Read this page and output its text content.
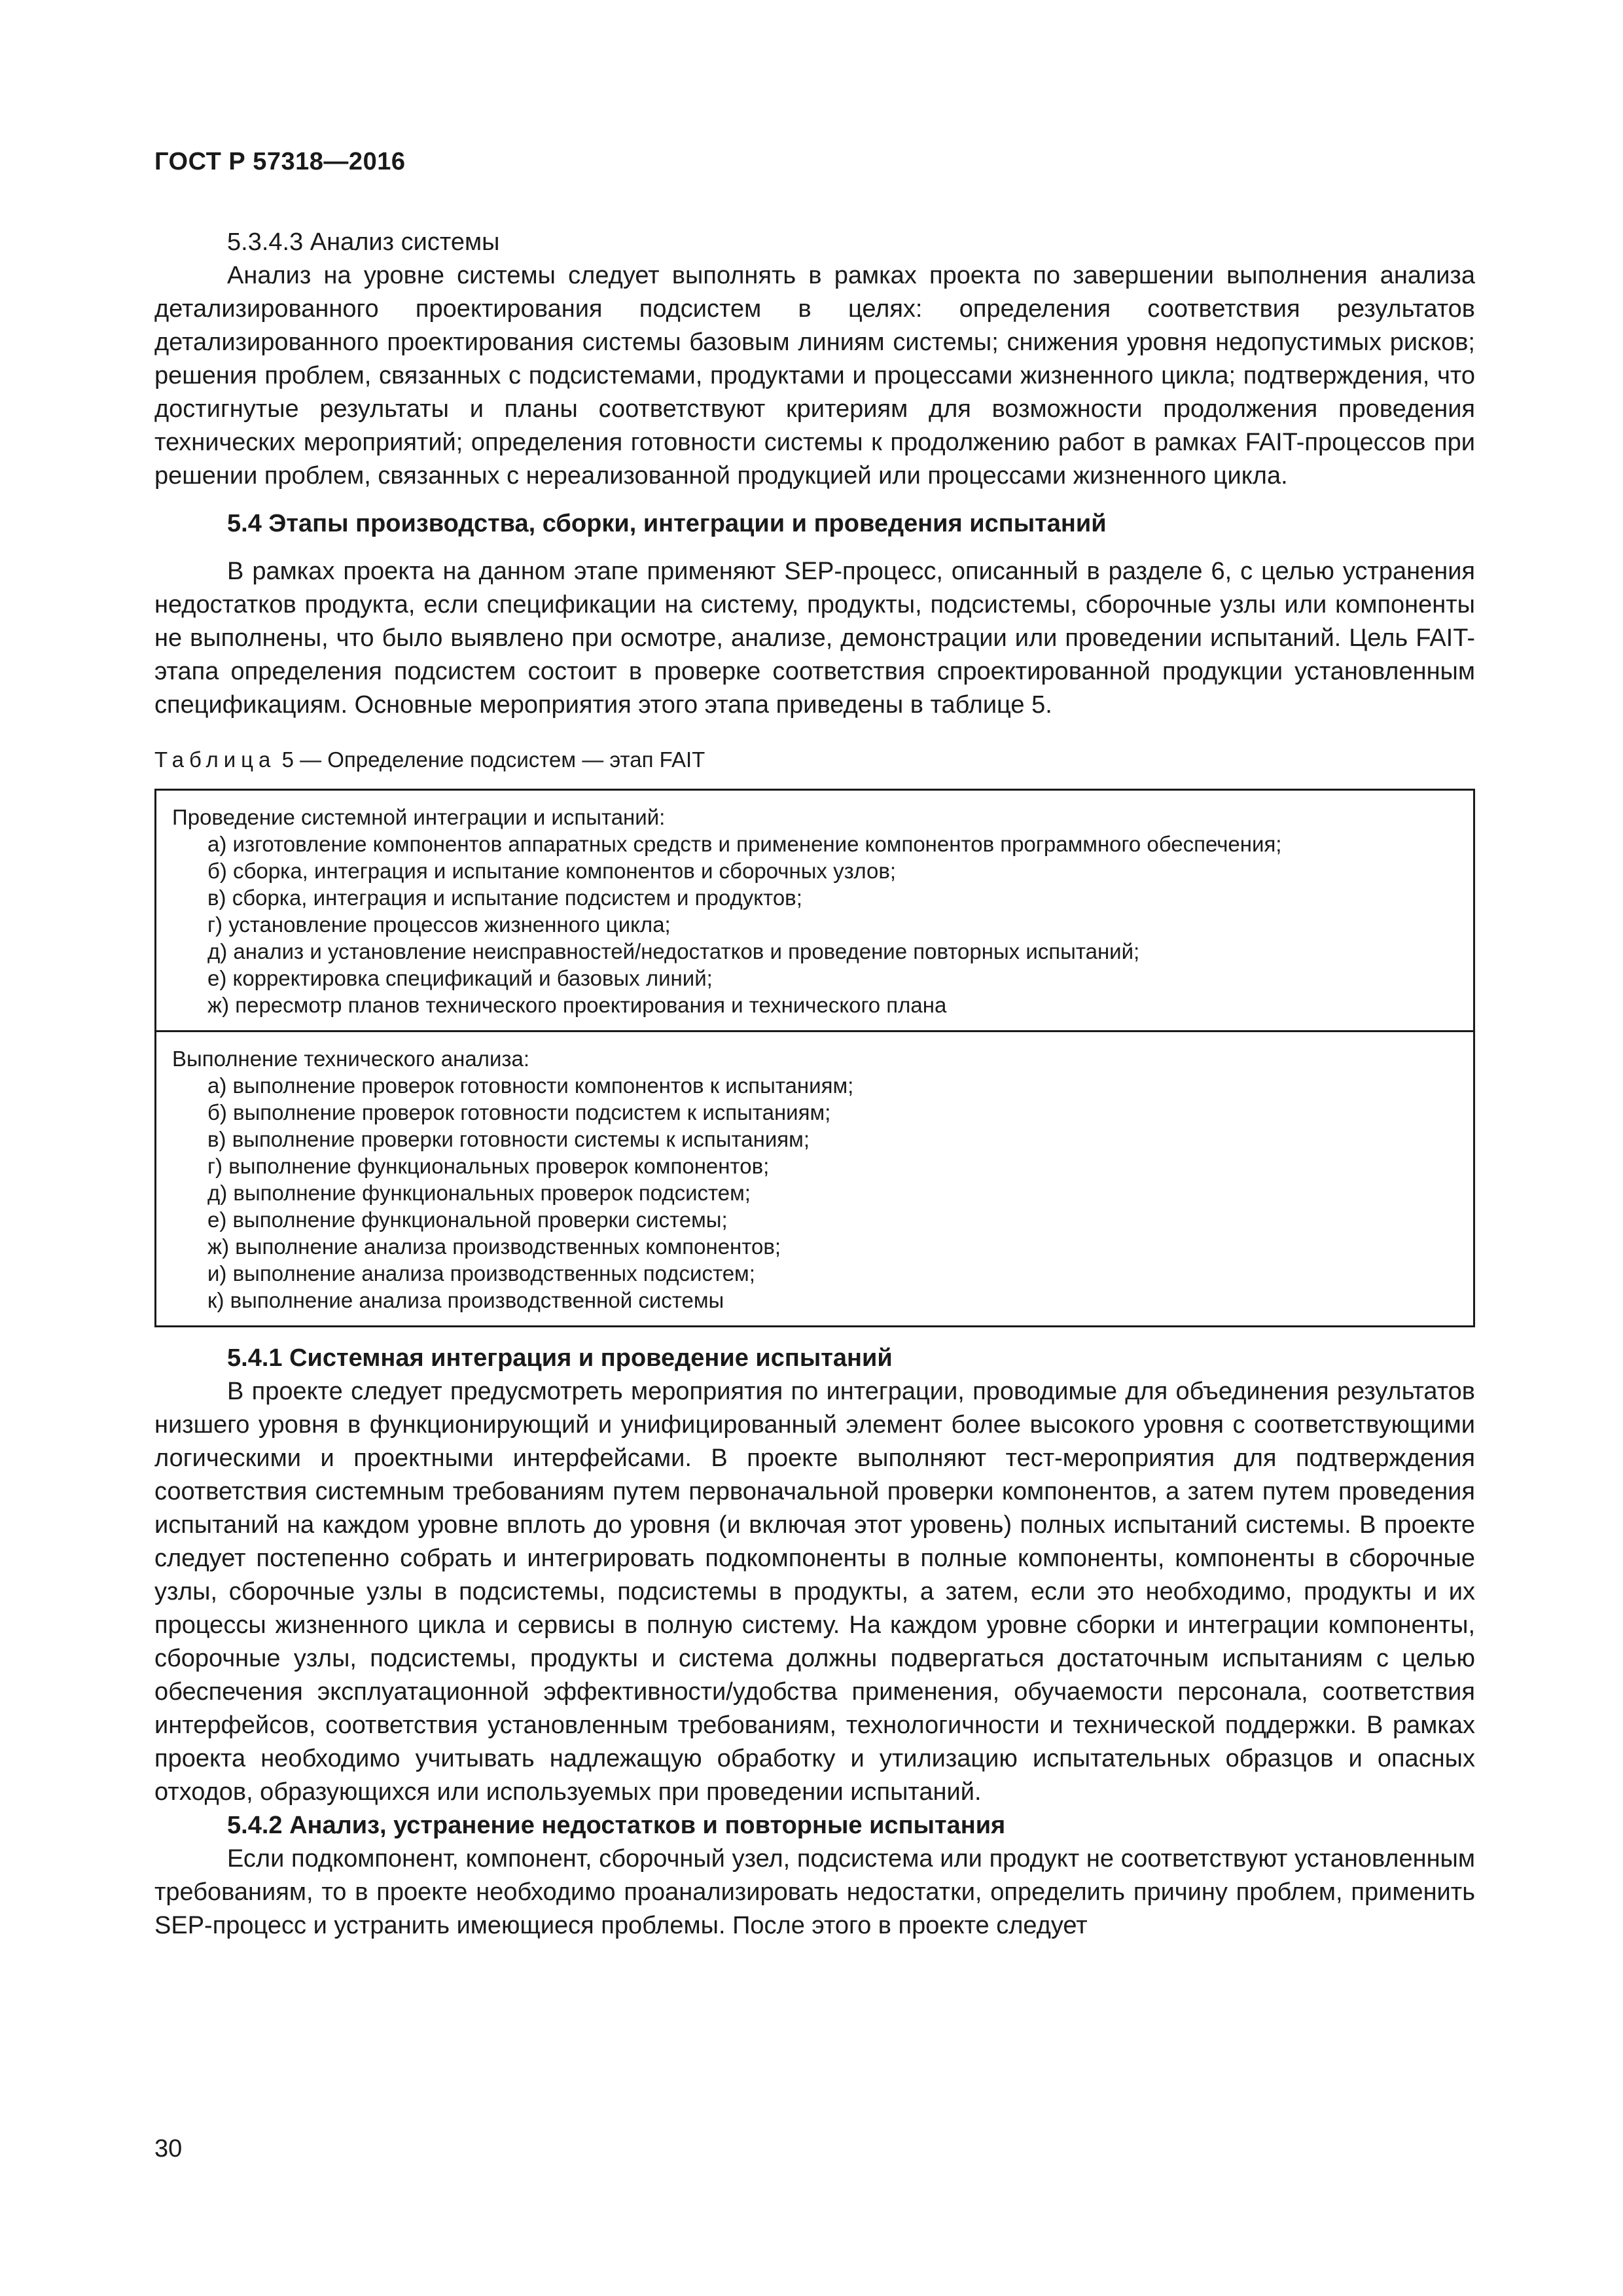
ГОСТ Р 57318—2016

5.3.4.3 Анализ системы

Анализ на уровне системы следует выполнять в рамках проекта по завершении выполнения анализа детализированного проектирования подсистем в целях: определения соответствия результатов детализированного проектирования системы базовым линиям системы; снижения уровня недопустимых рисков; решения проблем, связанных с подсистемами, продуктами и процессами жизненного цикла; подтверждения, что достигнутые результаты и планы соответствуют критериям для возможности продолжения проведения технических мероприятий; определения готовности системы к продолжению работ в рамках FAIT-процессов при решении проблем, связанных с нереализованной продукцией или процессами жизненного цикла.

5.4 Этапы производства, сборки, интеграции и проведения испытаний

В рамках проекта на данном этапе применяют SEP-процесс, описанный в разделе 6, с целью устранения недостатков продукта, если спецификации на систему, продукты, подсистемы, сборочные узлы или компоненты не выполнены, что было выявлено при осмотре, анализе, демонстрации или проведении испытаний. Цель FAIT-этапа определения подсистем состоит в проверке соответствия спроектированной продукции установленным спецификациям. Основные мероприятия этого этапа приведены в таблице 5.

Таблица 5 — Определение подсистем — этап FAIT

Проведение системной интеграции и испытаний:
а) изготовление компонентов аппаратных средств и применение компонентов программного обеспечения;
б) сборка, интеграция и испытание компонентов и сборочных узлов;
в) сборка, интеграция и испытание подсистем и продуктов;
г) установление процессов жизненного цикла;
д) анализ и установление неисправностей/недостатков и проведение повторных испытаний;
е) корректировка спецификаций и базовых линий;
ж) пересмотр планов технического проектирования и технического плана

Выполнение технического анализа:
а) выполнение проверок готовности компонентов к испытаниям;
б) выполнение проверок готовности подсистем к испытаниям;
в) выполнение проверки готовности системы к испытаниям;
г) выполнение функциональных проверок компонентов;
д) выполнение функциональных проверок подсистем;
е) выполнение функциональной проверки системы;
ж) выполнение анализа производственных компонентов;
и) выполнение анализа производственных подсистем;
к) выполнение анализа производственной системы

5.4.1 Системная интеграция и проведение испытаний

В проекте следует предусмотреть мероприятия по интеграции, проводимые для объединения результатов низшего уровня в функционирующий и унифицированный элемент более высокого уровня с соответствующими логическими и проектными интерфейсами. В проекте выполняют тест-мероприятия для подтверждения соответствия системным требованиям путем первоначальной проверки компонентов, а затем путем проведения испытаний на каждом уровне вплоть до уровня (и включая этот уровень) полных испытаний системы. В проекте следует постепенно собрать и интегрировать подкомпоненты в полные компоненты, компоненты в сборочные узлы, сборочные узлы в подсистемы, подсистемы в продукты, а затем, если это необходимо, продукты и их процессы жизненного цикла и сервисы в полную систему. На каждом уровне сборки и интеграции компоненты, сборочные узлы, подсистемы, продукты и система должны подвергаться достаточным испытаниям с целью обеспечения эксплуатационной эффективности/удобства применения, обучаемости персонала, соответствия интерфейсов, соответствия установленным требованиям, технологичности и технической поддержки. В рамках проекта необходимо учитывать надлежащую обработку и утилизацию испытательных образцов и опасных отходов, образующихся или используемых при проведении испытаний.

5.4.2 Анализ, устранение недостатков и повторные испытания

Если подкомпонент, компонент, сборочный узел, подсистема или продукт не соответствуют установленным требованиям, то в проекте необходимо проанализировать недостатки, определить причину проблем, применить SEP-процесс и устранить имеющиеся проблемы. После этого в проекте следует

30
